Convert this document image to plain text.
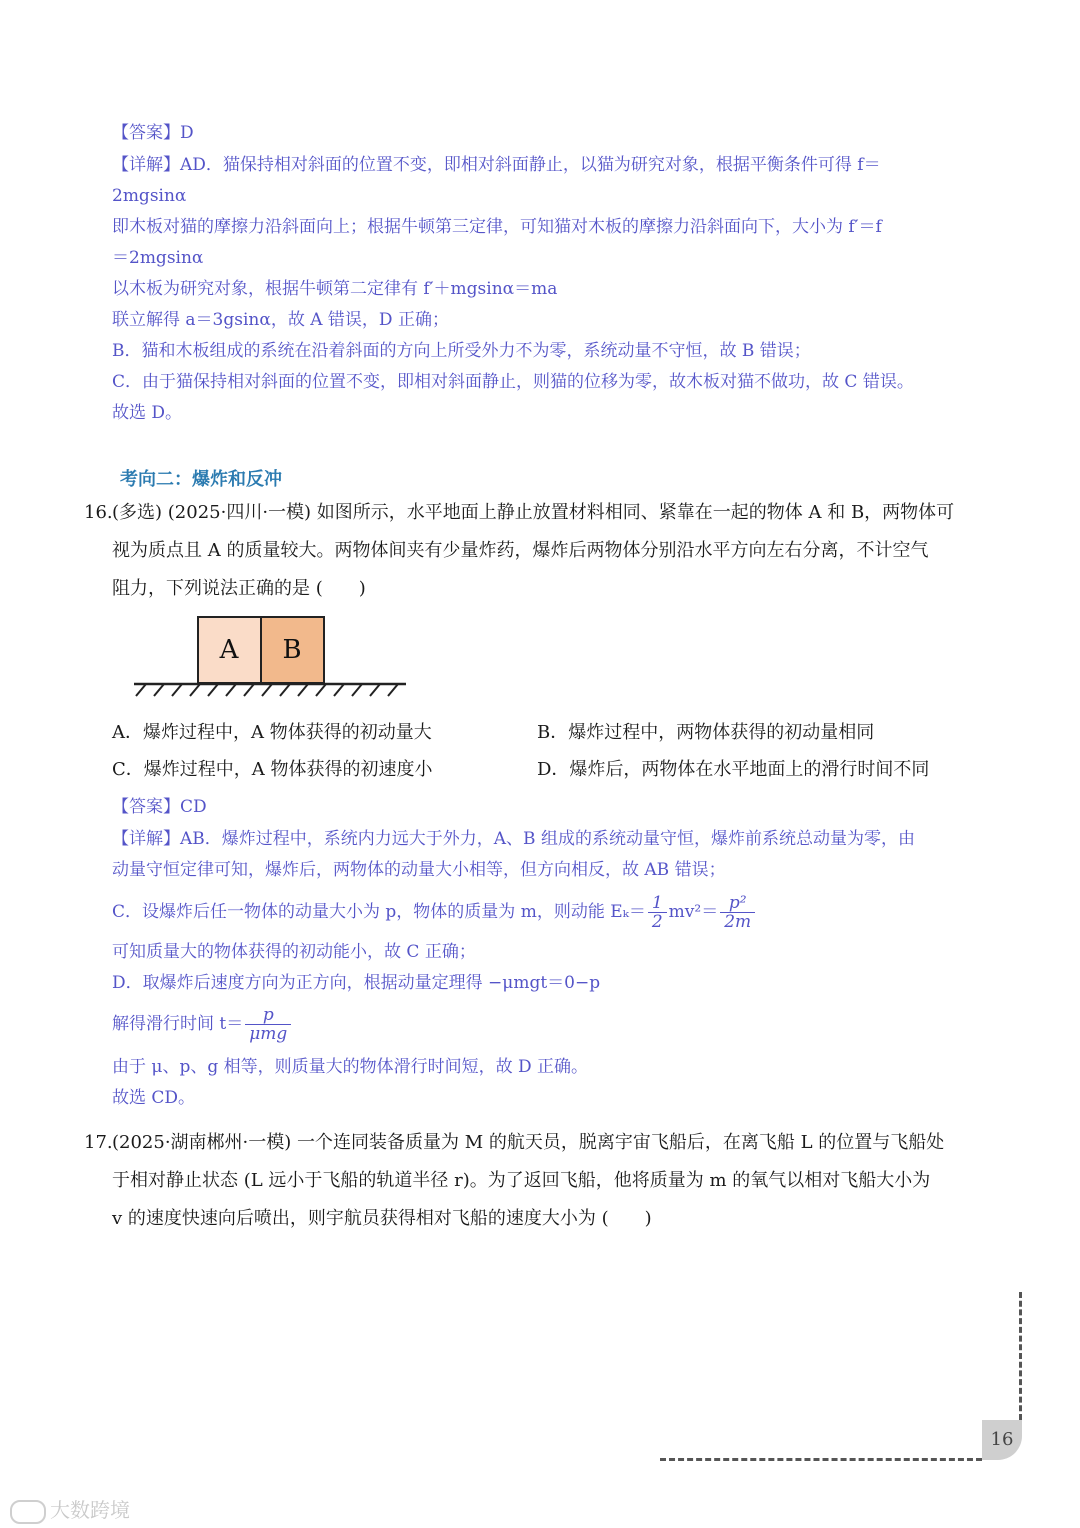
【答案】D
【详解】AD．猫保持相对斜面的位置不变，即相对斜面静止，以猫为研究对象，根据平衡条件可得 f＝
2mgsinα
即木板对猫的摩擦力沿斜面向上；根据牛顿第三定律，可知猫对木板的摩擦力沿斜面向下，大小为 f′＝f
＝2mgsinα
以木板为研究对象，根据牛顿第二定律有 f′＋mgsinα＝ma
联立解得 a＝3gsinα，故 A 错误，D 正确；
B．猫和木板组成的系统在沿着斜面的方向上所受外力不为零，系统动量不守恒，故 B 错误；
C．由于猫保持相对斜面的位置不变，即相对斜面静止，则猫的位移为零，故木板对猫不做功，故 C 错误。
故选 D。
考向二：爆炸和反冲
16.(多选) (2025·四川·一模) 如图所示，水平地面上静止放置材料相同、紧靠在一起的物体 A 和 B，两物体可
视为质点且 A 的质量较大。两物体间夹有少量炸药，爆炸后两物体分别沿水平方向左右分离，不计空气
阻力，下列说法正确的是 (　　)
A B
A．爆炸过程中，A 物体获得的初动量大	B．爆炸过程中，两物体获得的初动量相同
C．爆炸过程中，A 物体获得的初速度小	D．爆炸后，两物体在水平地面上的滑行时间不同
【答案】CD
【详解】AB．爆炸过程中，系统内力远大于外力，A、B 组成的系统动量守恒，爆炸前系统总动量为零，由
动量守恒定律可知，爆炸后，两物体的动量大小相等，但方向相反，故 AB 错误；
C．设爆炸后任一物体的动量大小为 p，物体的质量为 m，则动能 $E_k= \frac{1}{2} mv^2= \frac{\text{p²}}{2m}$
可知质量大的物体获得的初动能小，故 C 正确；
D．取爆炸后速度方向为正方向，根据动量定理得 −μmgt＝0−p
解得滑行时间 $t= \frac{p}{\text{μmg}}$
由于 μ、p、g 相等，则质量大的物体滑行时间短，故 D 正确。
故选 CD。
17.(2025·湖南郴州·一模) 一个连同装备质量为 M 的航天员，脱离宇宙飞船后，在离飞船 L 的位置与飞船处
于相对静止状态 (L 远小于飞船的轨道半径 r)。为了返回飞船，他将质量为 m 的氧气以相对飞船大小为
v 的速度快速向后喷出，则宇航员获得相对飞船的速度大小为 (　　)
16
大数跨境
